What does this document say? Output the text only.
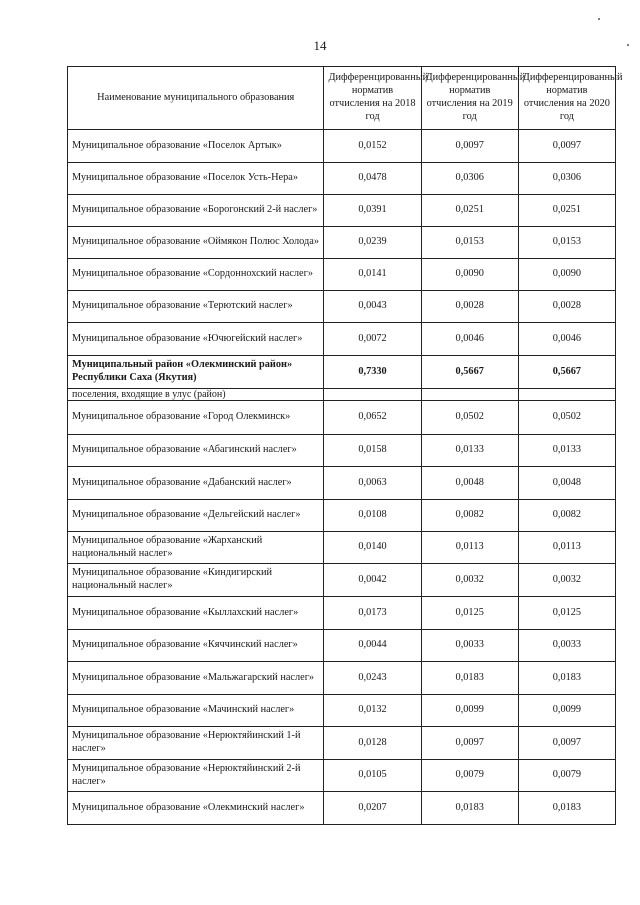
14
Наименование муниципального образования	Дифференцированный норматив отчисления на 2018 год	Дифференцированный норматив отчисления на 2019 год	Дифференцированный норматив отчисления на 2020 год
Муниципальное образование «Поселок Артык»	0,0152	0,0097	0,0097
Муниципальное образование «Поселок Усть-Нера»	0,0478	0,0306	0,0306
Муниципальное образование «Борогонский 2-й наслег»	0,0391	0,0251	0,0251
Муниципальное образование «Оймякон Полюс Холода»	0,0239	0,0153	0,0153
Муниципальное образование «Сордоннохский наслег»	0,0141	0,0090	0,0090
Муниципальное образование «Терютский наслег»	0,0043	0,0028	0,0028
Муниципальное образование «Ючюгейский наслег»	0,0072	0,0046	0,0046
Муниципальный район «Олекминский район» Республики Саха (Якутия)	0,7330	0,5667	0,5667
поселения, входящие в улус (район)			
Муниципальное образование «Город Олекминск»	0,0652	0,0502	0,0502
Муниципальное образование «Абагинский наслег»	0,0158	0,0133	0,0133
Муниципальное образование «Дабанский наслег»	0,0063	0,0048	0,0048
Муниципальное образование «Дельгейский наслег»	0,0108	0,0082	0,0082
Муниципальное образование «Жарханский национальный наслег»	0,0140	0,0113	0,0113
Муниципальное образование «Киндигирский национальный наслег»	0,0042	0,0032	0,0032
Муниципальное образование «Кыллахский наслег»	0,0173	0,0125	0,0125
Муниципальное образование «Кяччинский наслег»	0,0044	0,0033	0,0033
Муниципальное образование «Мальжагарский наслег»	0,0243	0,0183	0,0183
Муниципальное образование «Мачинский наслег»	0,0132	0,0099	0,0099
Муниципальное образование «Нерюктяйинский 1-й наслег»	0,0128	0,0097	0,0097
Муниципальное образование «Нерюктяйинский 2-й наслег»	0,0105	0,0079	0,0079
Муниципальное образование «Олекминский наслег»	0,0207	0,0183	0,0183
